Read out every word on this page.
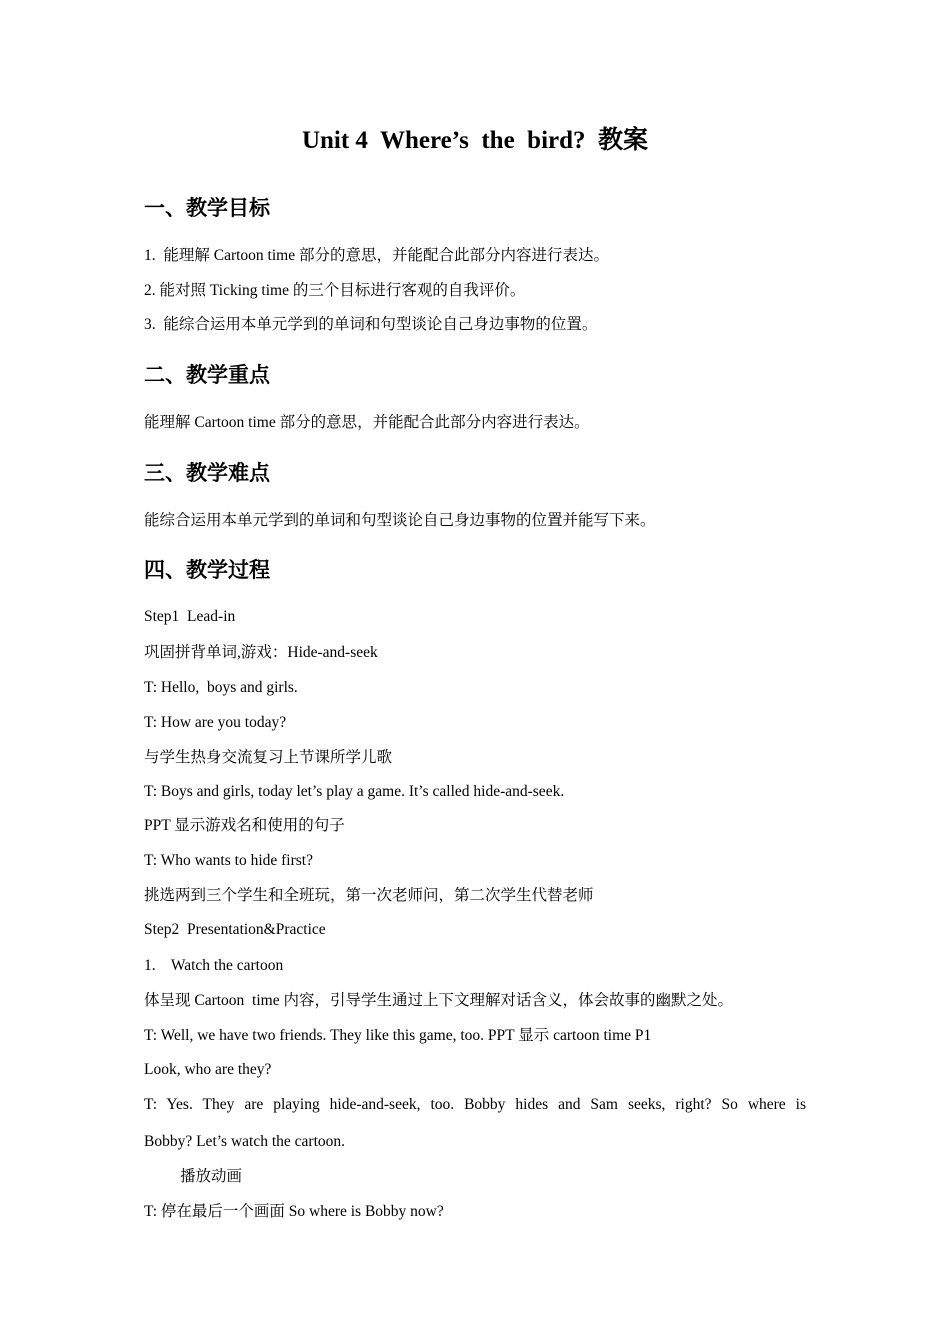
Unit 4  Where’s  the  bird?  教案
一、教学目标
1.  能理解 Cartoon time 部分的意思，并能配合此部分内容进行表达。
2. 能对照 Ticking time 的三个目标进行客观的自我评价。
3.  能综合运用本单元学到的单词和句型谈论自己身边事物的位置。
二、教学重点
能理解 Cartoon time 部分的意思，并能配合此部分内容进行表达。
三、教学难点
能综合运用本单元学到的单词和句型谈论自己身边事物的位置并能写下来。
四、教学过程
Step1  Lead-in
巩固拼背单词,游戏：Hide-and-seek
T: Hello,  boys and girls.
T: How are you today?
与学生热身交流复习上节课所学儿歌
T: Boys and girls, today let’s play a game. It’s called hide-and-seek.
PPT 显示游戏名和使用的句子
T: Who wants to hide first?
挑选两到三个学生和全班玩，第一次老师问，第二次学生代替老师
Step2  Presentation&Practice
1.    Watch the cartoon
体呈现 Cartoon  time 内容，引导学生通过上下文理解对话含义，体会故事的幽默之处。
T: Well, we have two friends. They like this game, too. PPT 显示 cartoon time P1
Look, who are they?
T: Yes. They are playing hide-and-seek, too. Bobby hides and Sam seeks, right? So where is
Bobby? Let’s watch the cartoon.
播放动画
T: 停在最后一个画面 So where is Bobby now?
